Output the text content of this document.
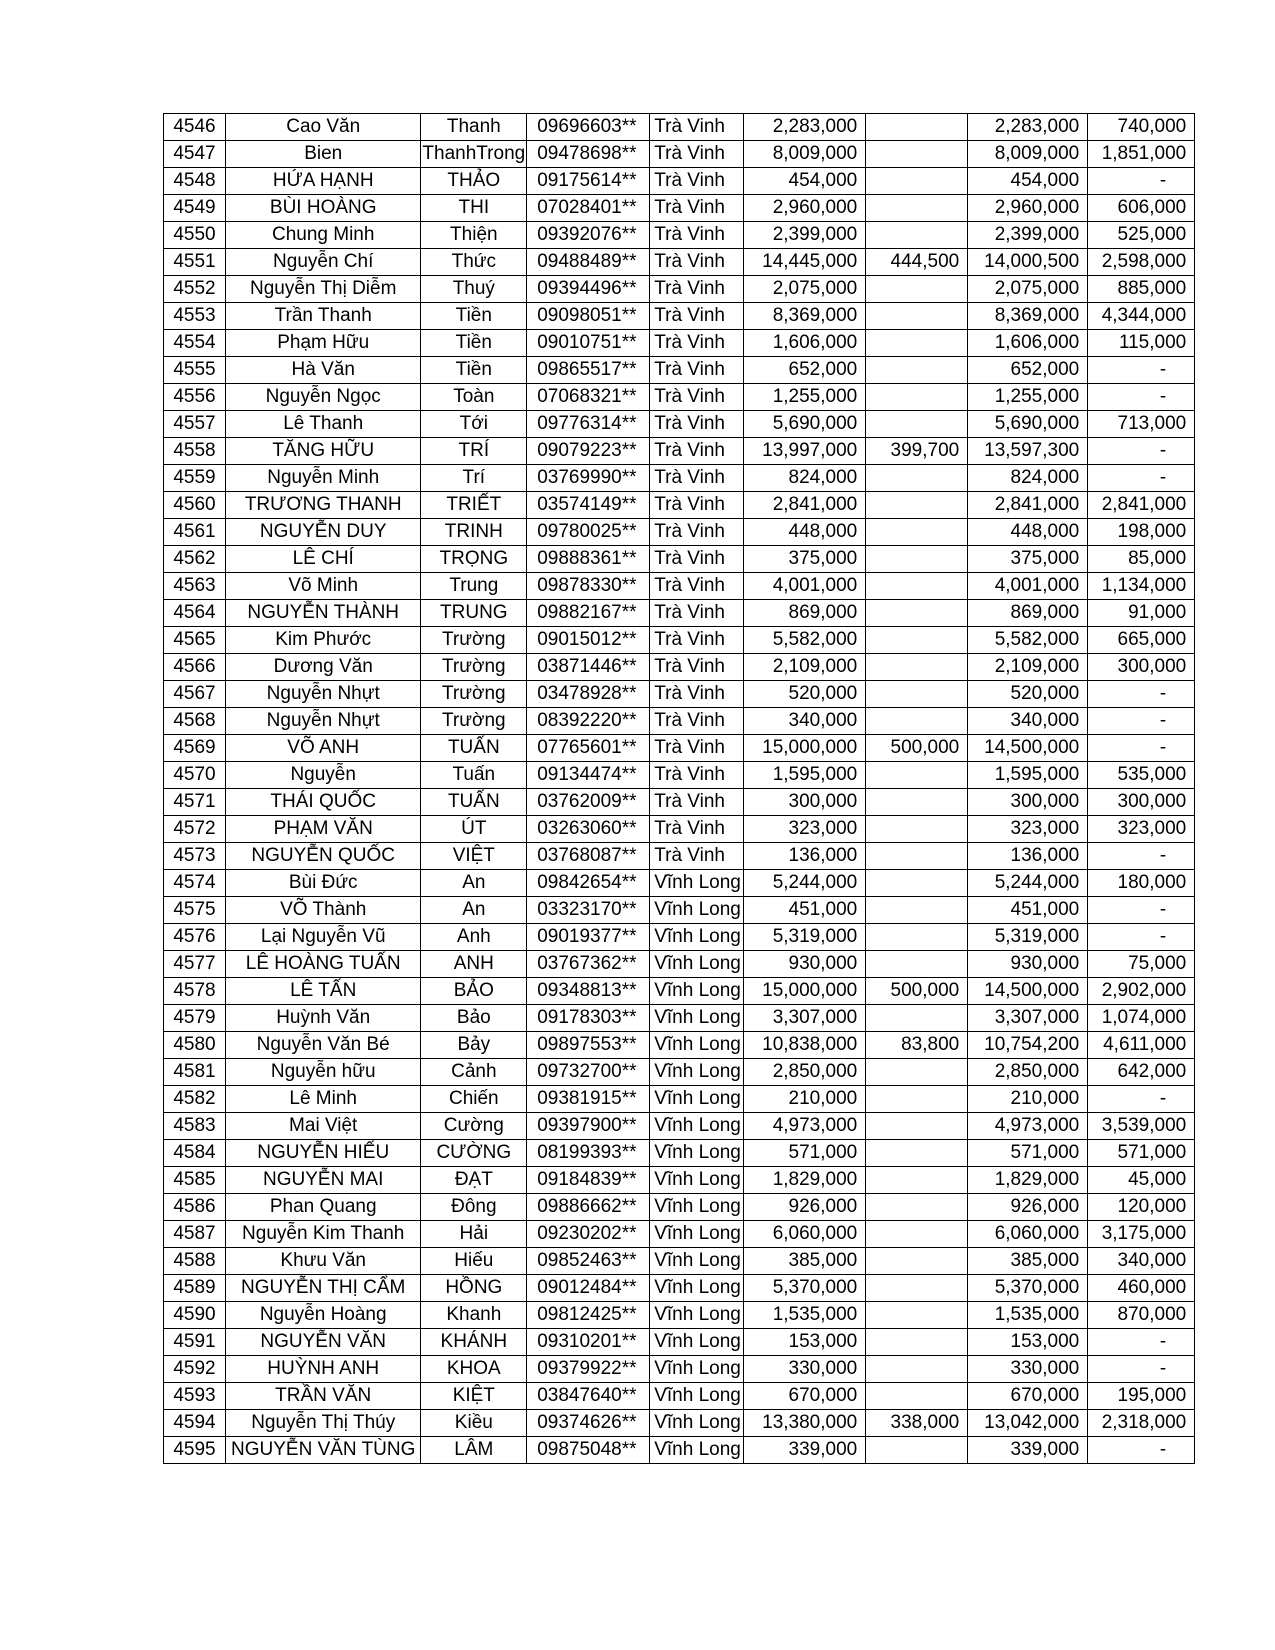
4546	Cao Văn	Thanh	09696603**	Trà Vinh	2,283,000		2,283,000	740,000
4547	Bien	ThanhTrong	09478698**	Trà Vinh	8,009,000		8,009,000	1,851,000
4548	HỨA HẠNH	THẢO	09175614**	Trà Vinh	454,000		454,000	-
4549	BÙI HOÀNG	THI	07028401**	Trà Vinh	2,960,000		2,960,000	606,000
4550	Chung Minh	Thiện	09392076**	Trà Vinh	2,399,000		2,399,000	525,000
4551	Nguyễn Chí	Thức	09488489**	Trà Vinh	14,445,000	444,500	14,000,500	2,598,000
4552	Nguyễn Thị Diễm	Thuý	09394496**	Trà Vinh	2,075,000		2,075,000	885,000
4553	Trần Thanh	Tiền	09098051**	Trà Vinh	8,369,000		8,369,000	4,344,000
4554	Phạm Hữu	Tiền	09010751**	Trà Vinh	1,606,000		1,606,000	115,000
4555	Hà Văn	Tiền	09865517**	Trà Vinh	652,000		652,000	-
4556	Nguyễn Ngọc	Toàn	07068321**	Trà Vinh	1,255,000		1,255,000	-
4557	Lê Thanh	Tới	09776314**	Trà Vinh	5,690,000		5,690,000	713,000
4558	TĂNG HỮU	TRÍ	09079223**	Trà Vinh	13,997,000	399,700	13,597,300	-
4559	Nguyễn Minh	Trí	03769990**	Trà Vinh	824,000		824,000	-
4560	TRƯƠNG THANH	TRIẾT	03574149**	Trà Vinh	2,841,000		2,841,000	2,841,000
4561	NGUYỄN DUY	TRINH	09780025**	Trà Vinh	448,000		448,000	198,000
4562	LÊ CHÍ	TRỌNG	09888361**	Trà Vinh	375,000		375,000	85,000
4563	Võ Minh	Trung	09878330**	Trà Vinh	4,001,000		4,001,000	1,134,000
4564	NGUYỄN THÀNH	TRUNG	09882167**	Trà Vinh	869,000		869,000	91,000
4565	Kim Phước	Trường	09015012**	Trà Vinh	5,582,000		5,582,000	665,000
4566	Dương Văn	Trường	03871446**	Trà Vinh	2,109,000		2,109,000	300,000
4567	Nguyễn Nhựt	Trường	03478928**	Trà Vinh	520,000		520,000	-
4568	Nguyễn Nhựt	Trường	08392220**	Trà Vinh	340,000		340,000	-
4569	VÕ ANH	TUẤN	07765601**	Trà Vinh	15,000,000	500,000	14,500,000	-
4570	Nguyễn	Tuấn	09134474**	Trà Vinh	1,595,000		1,595,000	535,000
4571	THÁI QUỐC	TUẤN	03762009**	Trà Vinh	300,000		300,000	300,000
4572	PHẠM VĂN	ÚT	03263060**	Trà Vinh	323,000		323,000	323,000
4573	NGUYỄN QUỐC	VIỆT	03768087**	Trà Vinh	136,000		136,000	-
4574	Bùi Đức	An	09842654**	Vĩnh Long	5,244,000		5,244,000	180,000
4575	VÕ Thành	An	03323170**	Vĩnh Long	451,000		451,000	-
4576	Lại Nguyễn Vũ	Anh	09019377**	Vĩnh Long	5,319,000		5,319,000	-
4577	LÊ HOÀNG TUẤN	ANH	03767362**	Vĩnh Long	930,000		930,000	75,000
4578	LÊ TẤN	BẢO	09348813**	Vĩnh Long	15,000,000	500,000	14,500,000	2,902,000
4579	Huỳnh Văn	Bảo	09178303**	Vĩnh Long	3,307,000		3,307,000	1,074,000
4580	Nguyễn Văn Bé	Bảy	09897553**	Vĩnh Long	10,838,000	83,800	10,754,200	4,611,000
4581	Nguyễn hữu	Cảnh	09732700**	Vĩnh Long	2,850,000		2,850,000	642,000
4582	Lê Minh	Chiến	09381915**	Vĩnh Long	210,000		210,000	-
4583	Mai Việt	Cường	09397900**	Vĩnh Long	4,973,000		4,973,000	3,539,000
4584	NGUYỄN HIẾU	CƯỜNG	08199393**	Vĩnh Long	571,000		571,000	571,000
4585	NGUYỄN MAI	ĐẠT	09184839**	Vĩnh Long	1,829,000		1,829,000	45,000
4586	Phan Quang	Đông	09886662**	Vĩnh Long	926,000		926,000	120,000
4587	Nguyễn Kim Thanh	Hải	09230202**	Vĩnh Long	6,060,000		6,060,000	3,175,000
4588	Khưu Văn	Hiếu	09852463**	Vĩnh Long	385,000		385,000	340,000
4589	NGUYỄN THỊ CẨM	HỒNG	09012484**	Vĩnh Long	5,370,000		5,370,000	460,000
4590	Nguyễn Hoàng	Khanh	09812425**	Vĩnh Long	1,535,000		1,535,000	870,000
4591	NGUYỄN VĂN	KHÁNH	09310201**	Vĩnh Long	153,000		153,000	-
4592	HUỲNH ANH	KHOA	09379922**	Vĩnh Long	330,000		330,000	-
4593	TRẦN VĂN	KIỆT	03847640**	Vĩnh Long	670,000		670,000	195,000
4594	Nguyễn Thị Thúy	Kiều	09374626**	Vĩnh Long	13,380,000	338,000	13,042,000	2,318,000
4595	NGUYỄN VĂN TÙNG	LÂM	09875048**	Vĩnh Long	339,000		339,000	-
